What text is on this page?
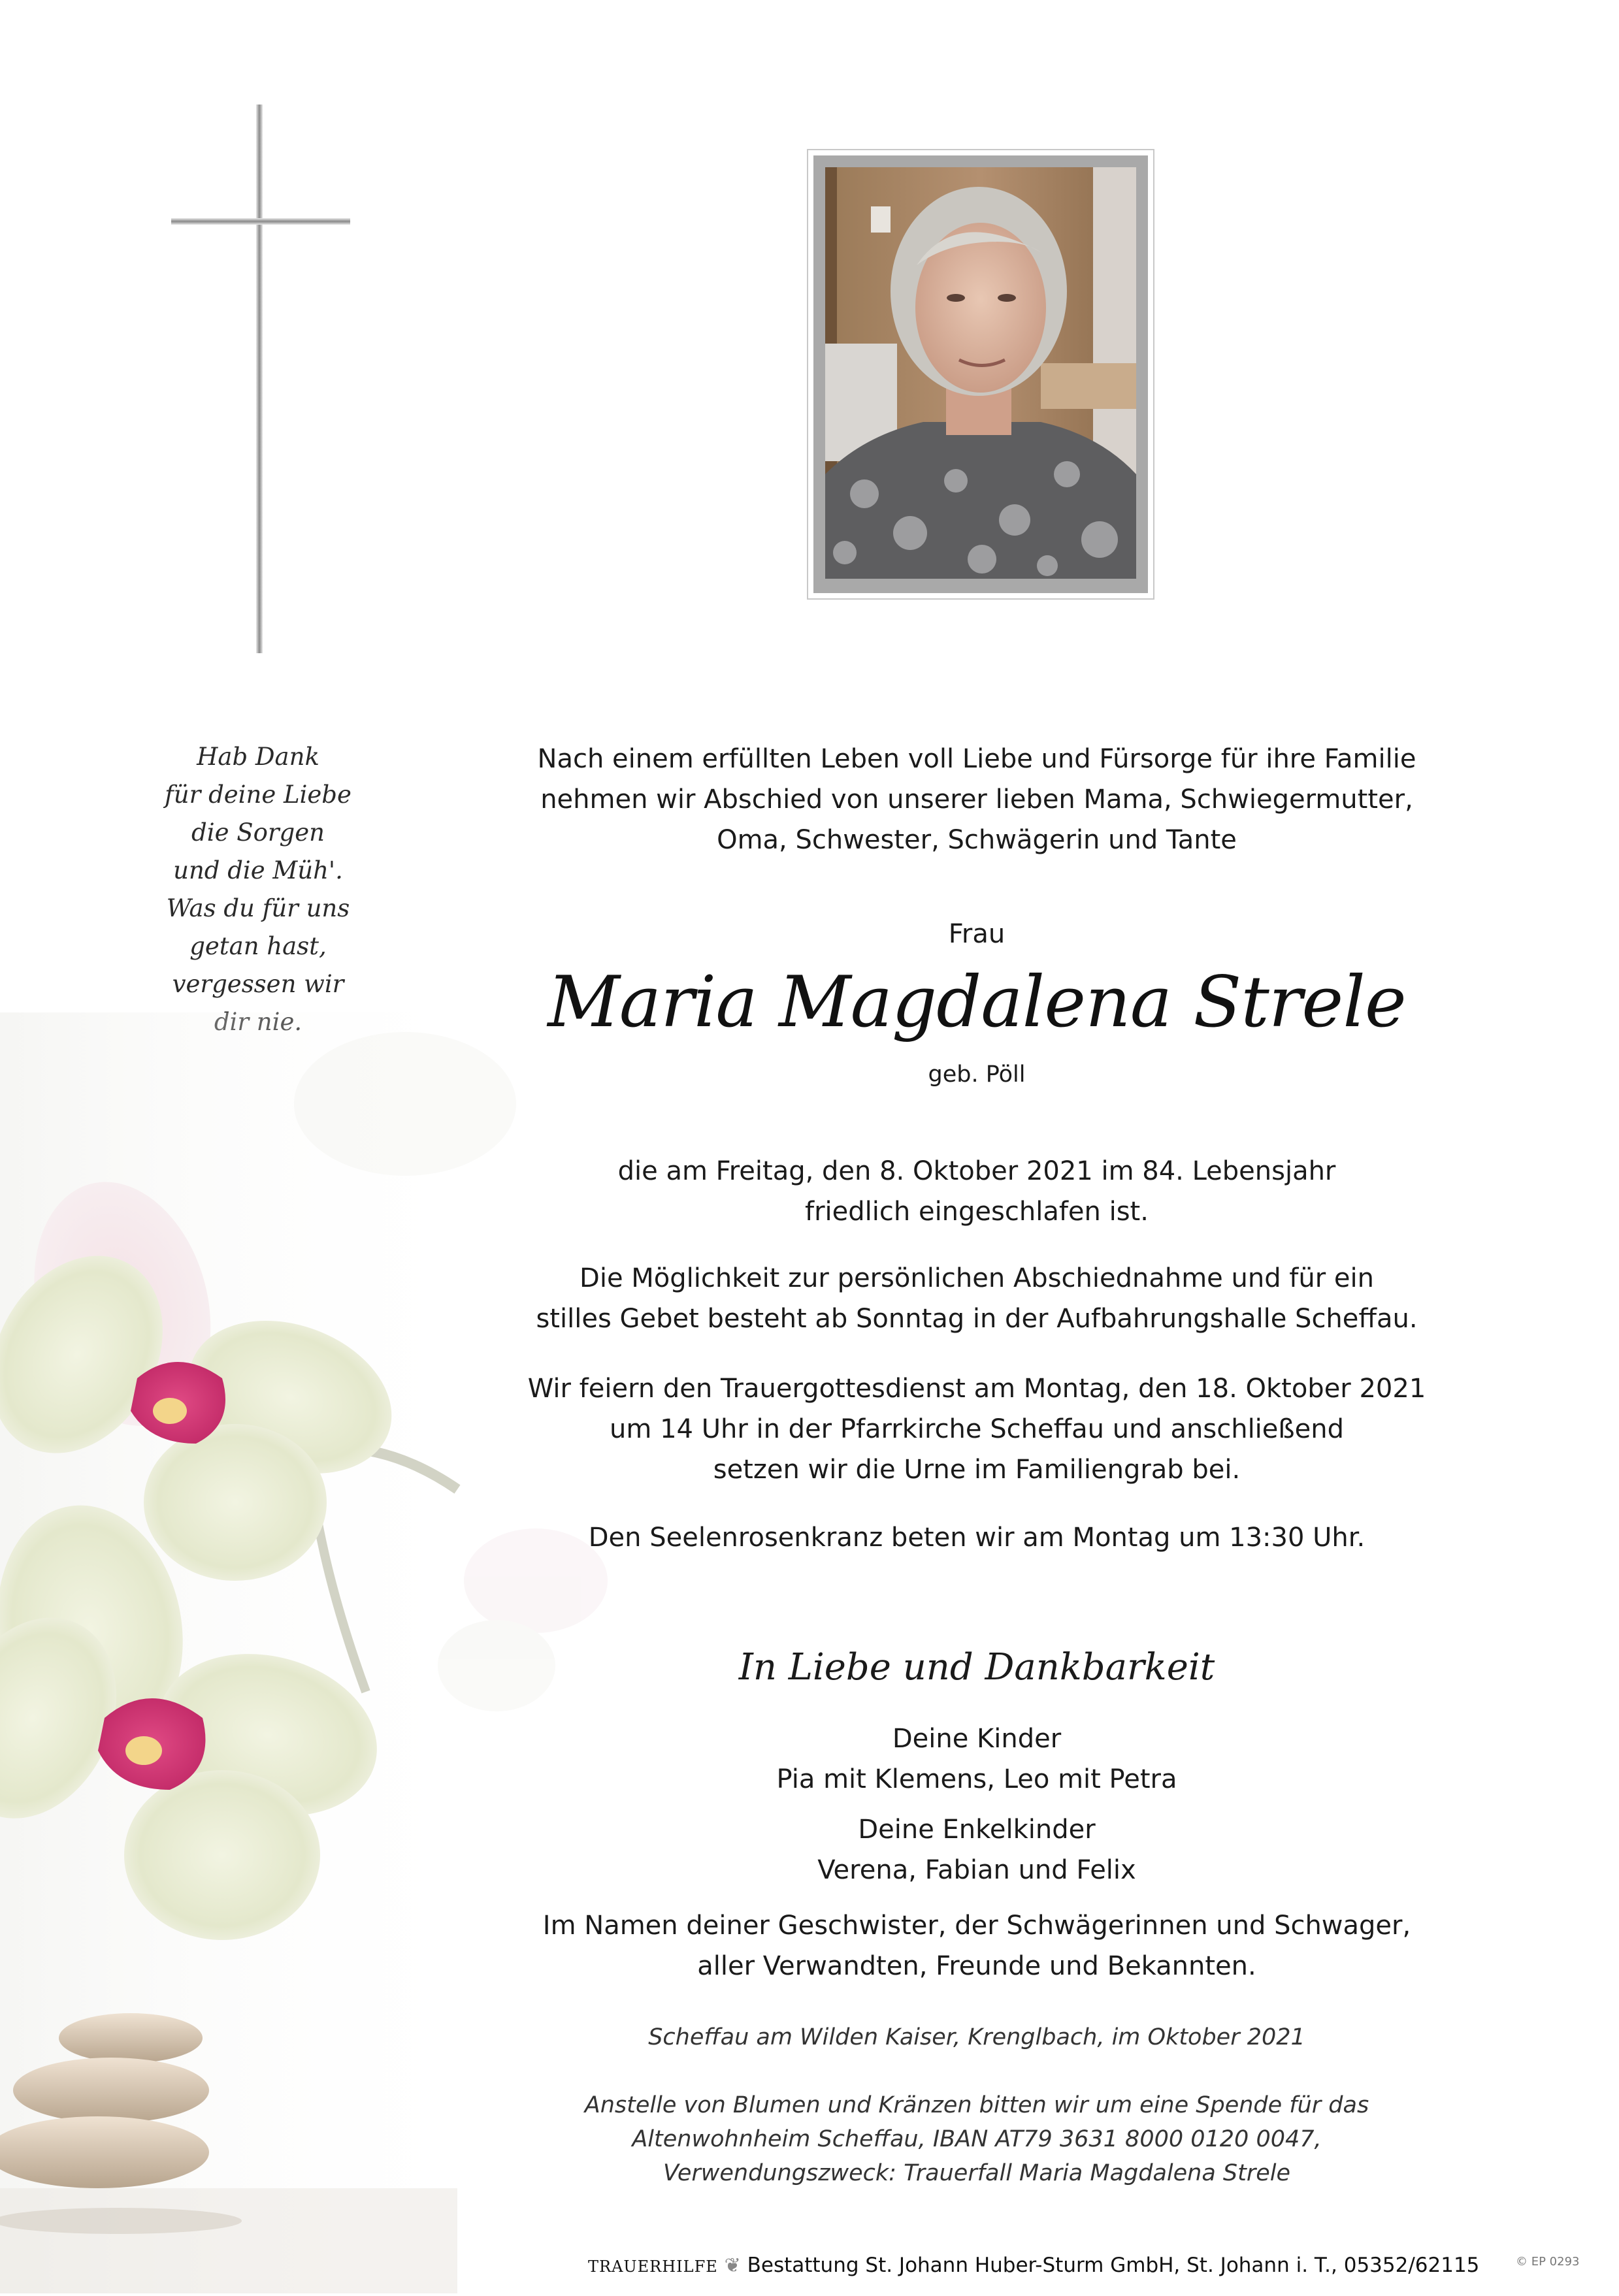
Hab Dank
für deine Liebe
die Sorgen
und die Müh'.
Was du für uns
getan hast,
vergessen wir
Nach einem erfüllten Leben voll Liebe und Fürsorge für ihre Familie
nehmen wir Abschied von unserer lieben Mama, Schwiegermutter,
Oma, Schwester, Schwägerin und Tante
Frau
Maria Magdalena Strele
geb. Pöll
die am Freitag, den 8. Oktober 2021 im 84. Lebensjahr
friedlich eingeschlafen ist.
Die Möglichkeit zur persönlichen Abschiednahme und für ein
stilles Gebet besteht ab Sonntag in der Aufbahrungshalle Scheffau.
Wir feiern den Trauergottesdienst am Montag, den 18. Oktober 2021
um 14 Uhr in der Pfarrkirche Scheffau und anschließend
setzen wir die Urne im Familiengrab bei.
Den Seelenrosenkranz beten wir am Montag um 13:30 Uhr.
In Liebe und Dankbarkeit
Deine Kinder
Pia mit Klemens, Leo mit Petra
Deine Enkelkinder
Verena, Fabian und Felix
Im Namen deiner Geschwister, der Schwägerinnen und Schwager,
aller Verwandten, Freunde und Bekannten.
Scheffau am Wilden Kaiser, Krenglbach, im Oktober 2021
Anstelle von Blumen und Kränzen bitten wir um eine Spende für das
Altenwohnheim Scheffau, IBAN AT79 3631 8000 0120 0047,
Verwendungszweck: Trauerfall Maria Magdalena Strele
TRAUERHILFE ❦ Bestattung St. Johann Huber-Sturm GmbH, St. Johann i. T., 05352/62115	© EP 0293
